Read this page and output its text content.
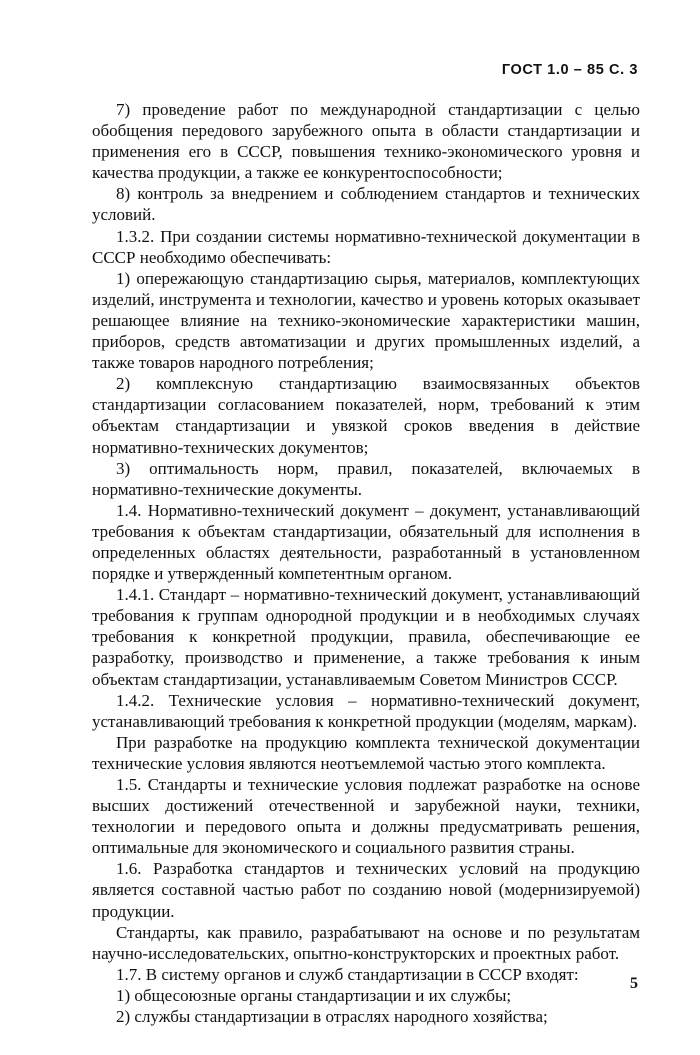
ГОСТ 1.0 – 85 С. 3

7) проведение работ по международной стандартизации с целью обобщения передового зарубежного опыта в области стандартизации и применения его в СССР, повышения технико-экономического уровня и качества продукции, а также ее конкурентоспособности;

8) контроль за внедрением и соблюдением стандартов и технических условий.

1.3.2. При создании системы нормативно-технической документации в СССР необходимо обеспечивать:

1) опережающую стандартизацию сырья, материалов, комплектующих изделий, инструмента и технологии, качество и уровень которых оказывает решающее влияние на технико-экономические характеристики машин, приборов, средств автоматизации и других промышленных изделий, а также товаров народного потребления;

2) комплексную стандартизацию взаимосвязанных объектов стандартизации согласованием показателей, норм, требований к этим объектам стандартизации и увязкой сроков введения в действие нормативно-технических документов;

3) оптимальность норм, правил, показателей, включаемых в нормативно-технические документы.

1.4. Нормативно-технический документ – документ, устанавливающий требования к объектам стандартизации, обязательный для исполнения в определенных областях деятельности, разработанный в установленном порядке и утвержденный компетентным органом.

1.4.1. Стандарт – нормативно-технический документ, устанавливающий требования к группам однородной продукции и в необходимых случаях требования к конкретной продукции, правила, обеспечивающие ее разработку, производство и применение, а также требования к иным объектам стандартизации, устанавливаемым Советом Министров СССР.

1.4.2. Технические условия – нормативно-технический документ, устанавливающий требования к конкретной продукции (моделям, маркам).

При разработке на продукцию комплекта технической документации технические условия являются неотъемлемой частью этого комплекта.

1.5. Стандарты и технические условия подлежат разработке на основе высших достижений отечественной и зарубежной науки, техники, технологии и передового опыта и должны предусматривать решения, оптимальные для экономического и социального развития страны.

1.6. Разработка стандартов и технических условий на продукцию является составной частью работ по созданию новой (модернизируемой) продукции.

Стандарты, как правило, разрабатывают на основе и по результатам научно-исследовательских, опытно-конструкторских и проектных работ.

1.7. В систему органов и служб стандартизации в СССР входят:

1) общесоюзные органы стандартизации и их службы;

2) службы стандартизации в отраслях народного хозяйства;

5
